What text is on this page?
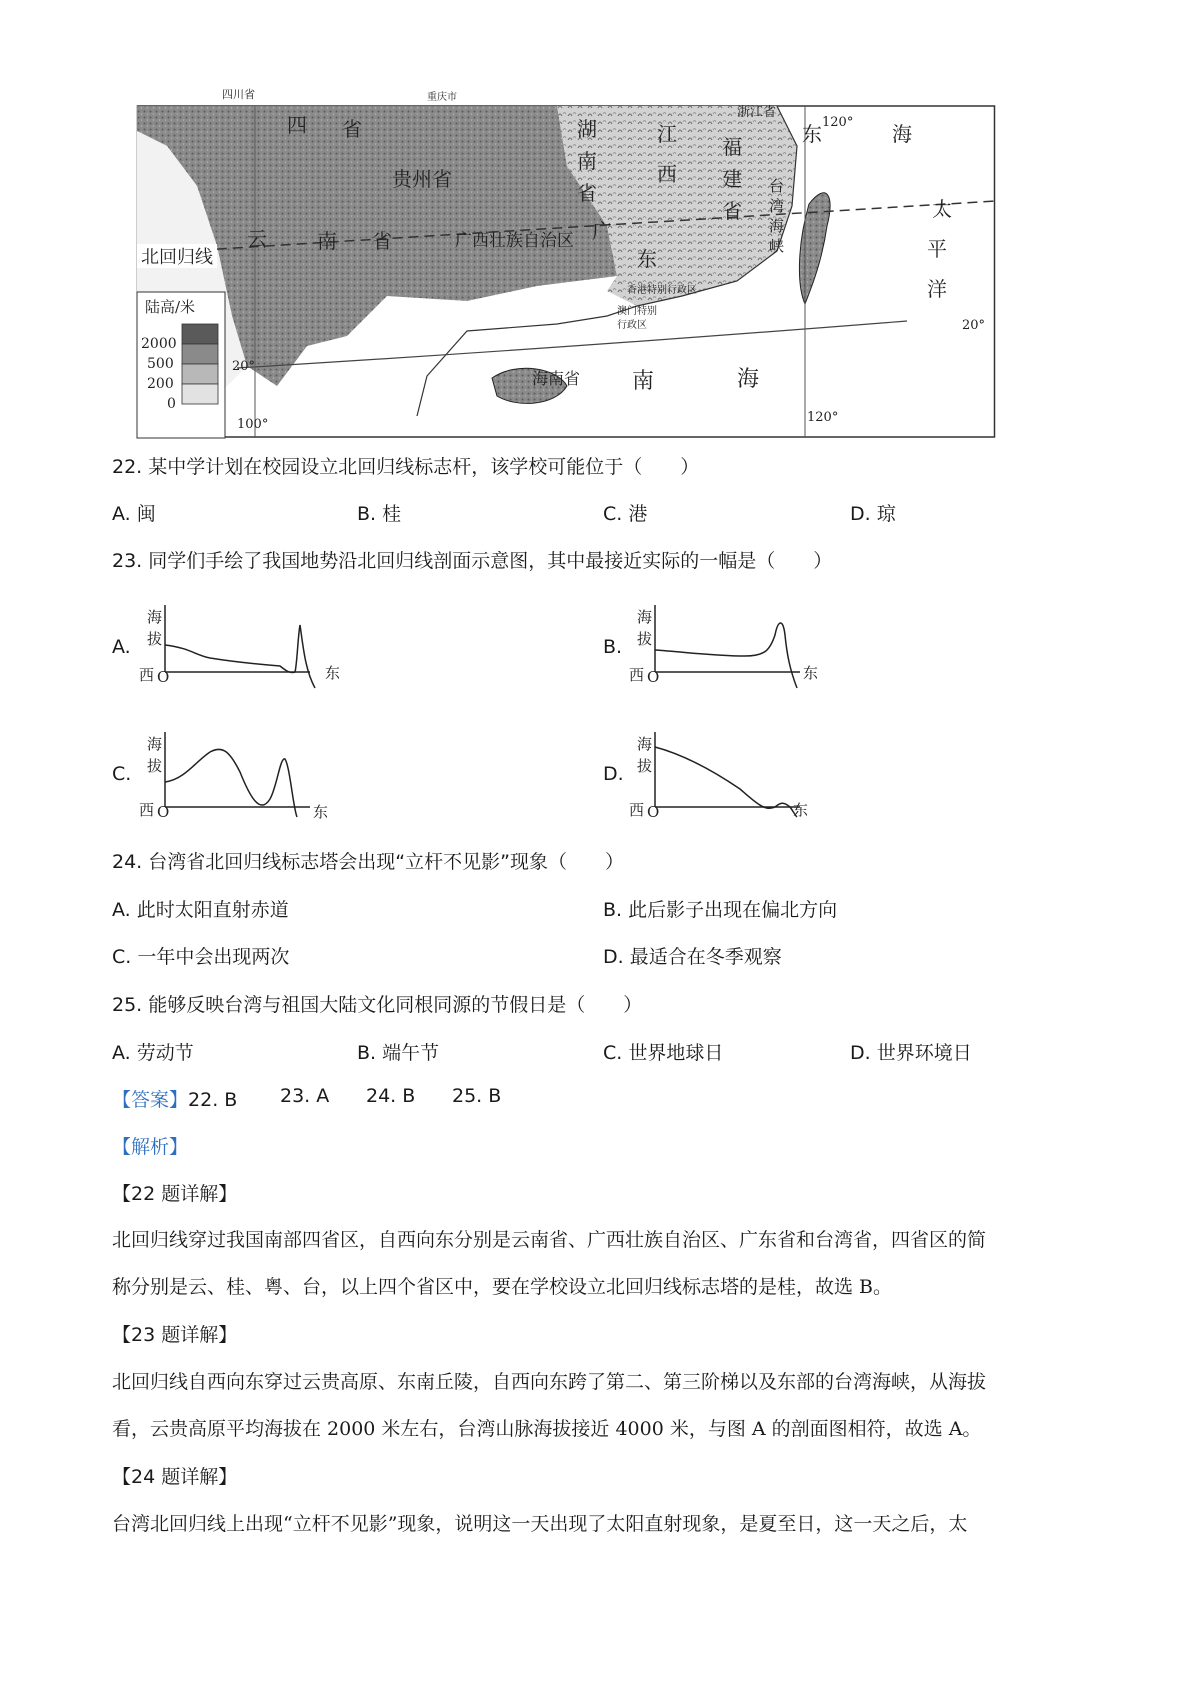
四川省	重庆市
四 省
贵州省
云	南 省	广西壮族自治区
湖
南
省
江
西
福
建
省
浙江省
广
东
台
湾
海
峡
东	海
太
平
洋
海南省 南	海
香港特别行政区
澳门特别
行政区
北回归线
陆高/米
2000
500
200
0
20°
20°
100°	120°
120°
22. 某中学计划在校园设立北回归线标志杆，该学校可能位于（　　）
A. 闽	B. 桂	C. 港	D. 琼
23. 同学们手绘了我国地势沿北回归线剖面示意图，其中最接近实际的一幅是（　　）
A.	B.
C.	D.
海
拔
西 O	东
海
拔
西 O	东
海
拔
西 O	东
海
拔
西 O	东
24. 台湾省北回归线标志塔会出现“立杆不见影”现象（　　）
A. 此时太阳直射赤道	B. 此后影子出现在偏北方向
C. 一年中会出现两次	D. 最适合在冬季观察
25. 能够反映台湾与祖国大陆文化同根同源的节假日是（　　）
A. 劳动节	B. 端午节	C. 世界地球日	D. 世界环境日
【答案】22. B 23. A 24. B 25. B
【解析】
【22 题详解】
北回归线穿过我国南部四省区，自西向东分别是云南省、广西壮族自治区、广东省和台湾省，四省区的简
称分别是云、桂、粤、台，以上四个省区中，要在学校设立北回归线标志塔的是桂，故选 B。
【23 题详解】
北回归线自西向东穿过云贵高原、东南丘陵，自西向东跨了第二、第三阶梯以及东部的台湾海峡，从海拔
看，云贵高原平均海拔在 2000 米左右，台湾山脉海拔接近 4000 米，与图 A 的剖面图相符，故选 A。
【24 题详解】
台湾北回归线上出现“立杆不见影”现象，说明这一天出现了太阳直射现象，是夏至日，这一天之后，太
